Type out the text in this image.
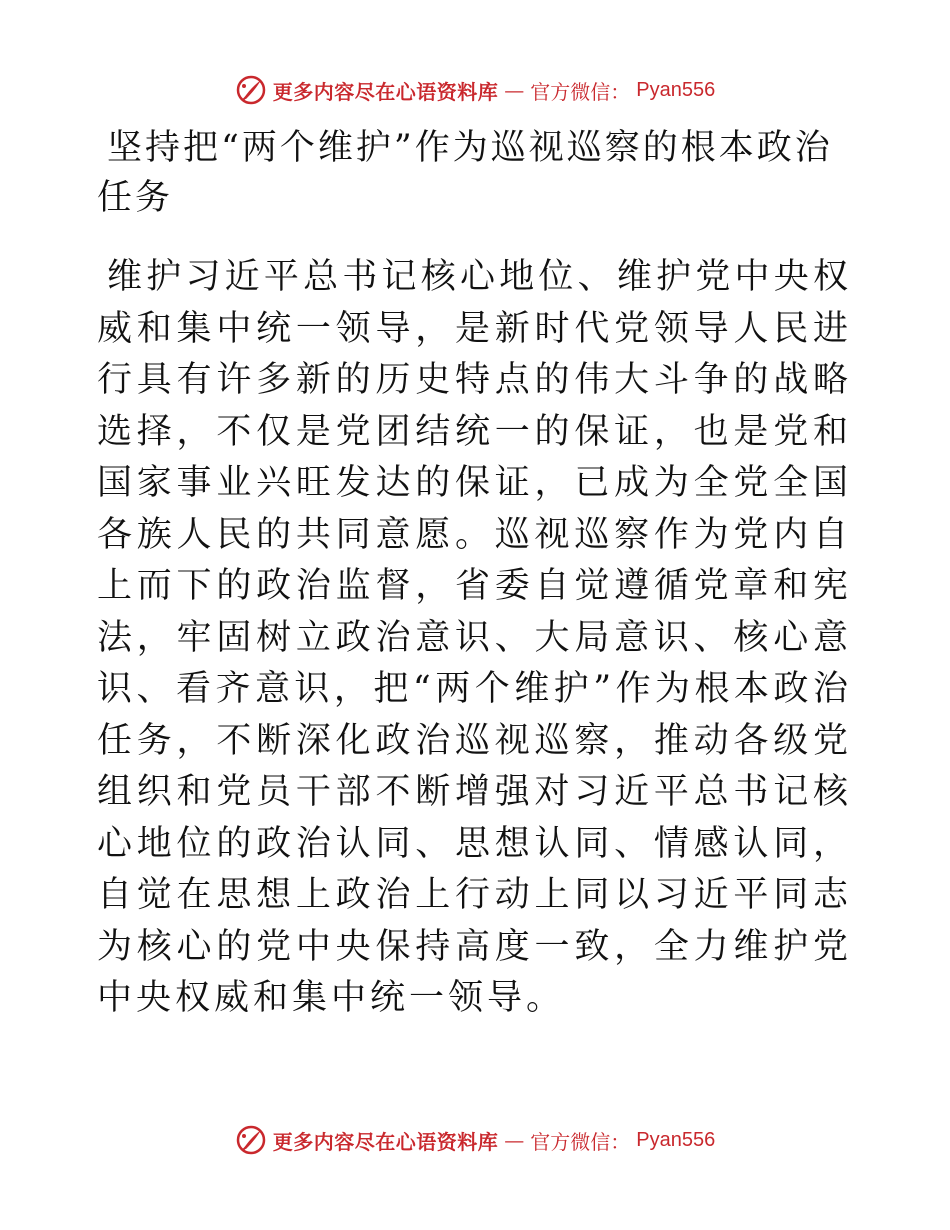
更多内容尽在心语资料库 — 官方微信： Pyan556
坚持把“两个维护”作为巡视巡察的根本政治任务

维护习近平总书记核心地位、维护党中央权威和集中统一领导，是新时代党领导人民进行具有许多新的历史特点的伟大斗争的战略选择，不仅是党团结统一的保证，也是党和国家事业兴旺发达的保证，已成为全党全国各族人民的共同意愿。巡视巡察作为党内自上而下的政治监督，省委自觉遵循党章和宪法，牢固树立政治意识、大局意识、核心意识、看齐意识，把“两个维护”作为根本政治任务，不断深化政治巡视巡察，推动各级党组织和党员干部不断增强对习近平总书记核心地位的政治认同、思想认同、情感认同，自觉在思想上政治上行动上同以习近平同志为核心的党中央保持高度一致，全力维护党中央权威和集中统一领导。

更多内容尽在心语资料库 — 官方微信： Pyan556
